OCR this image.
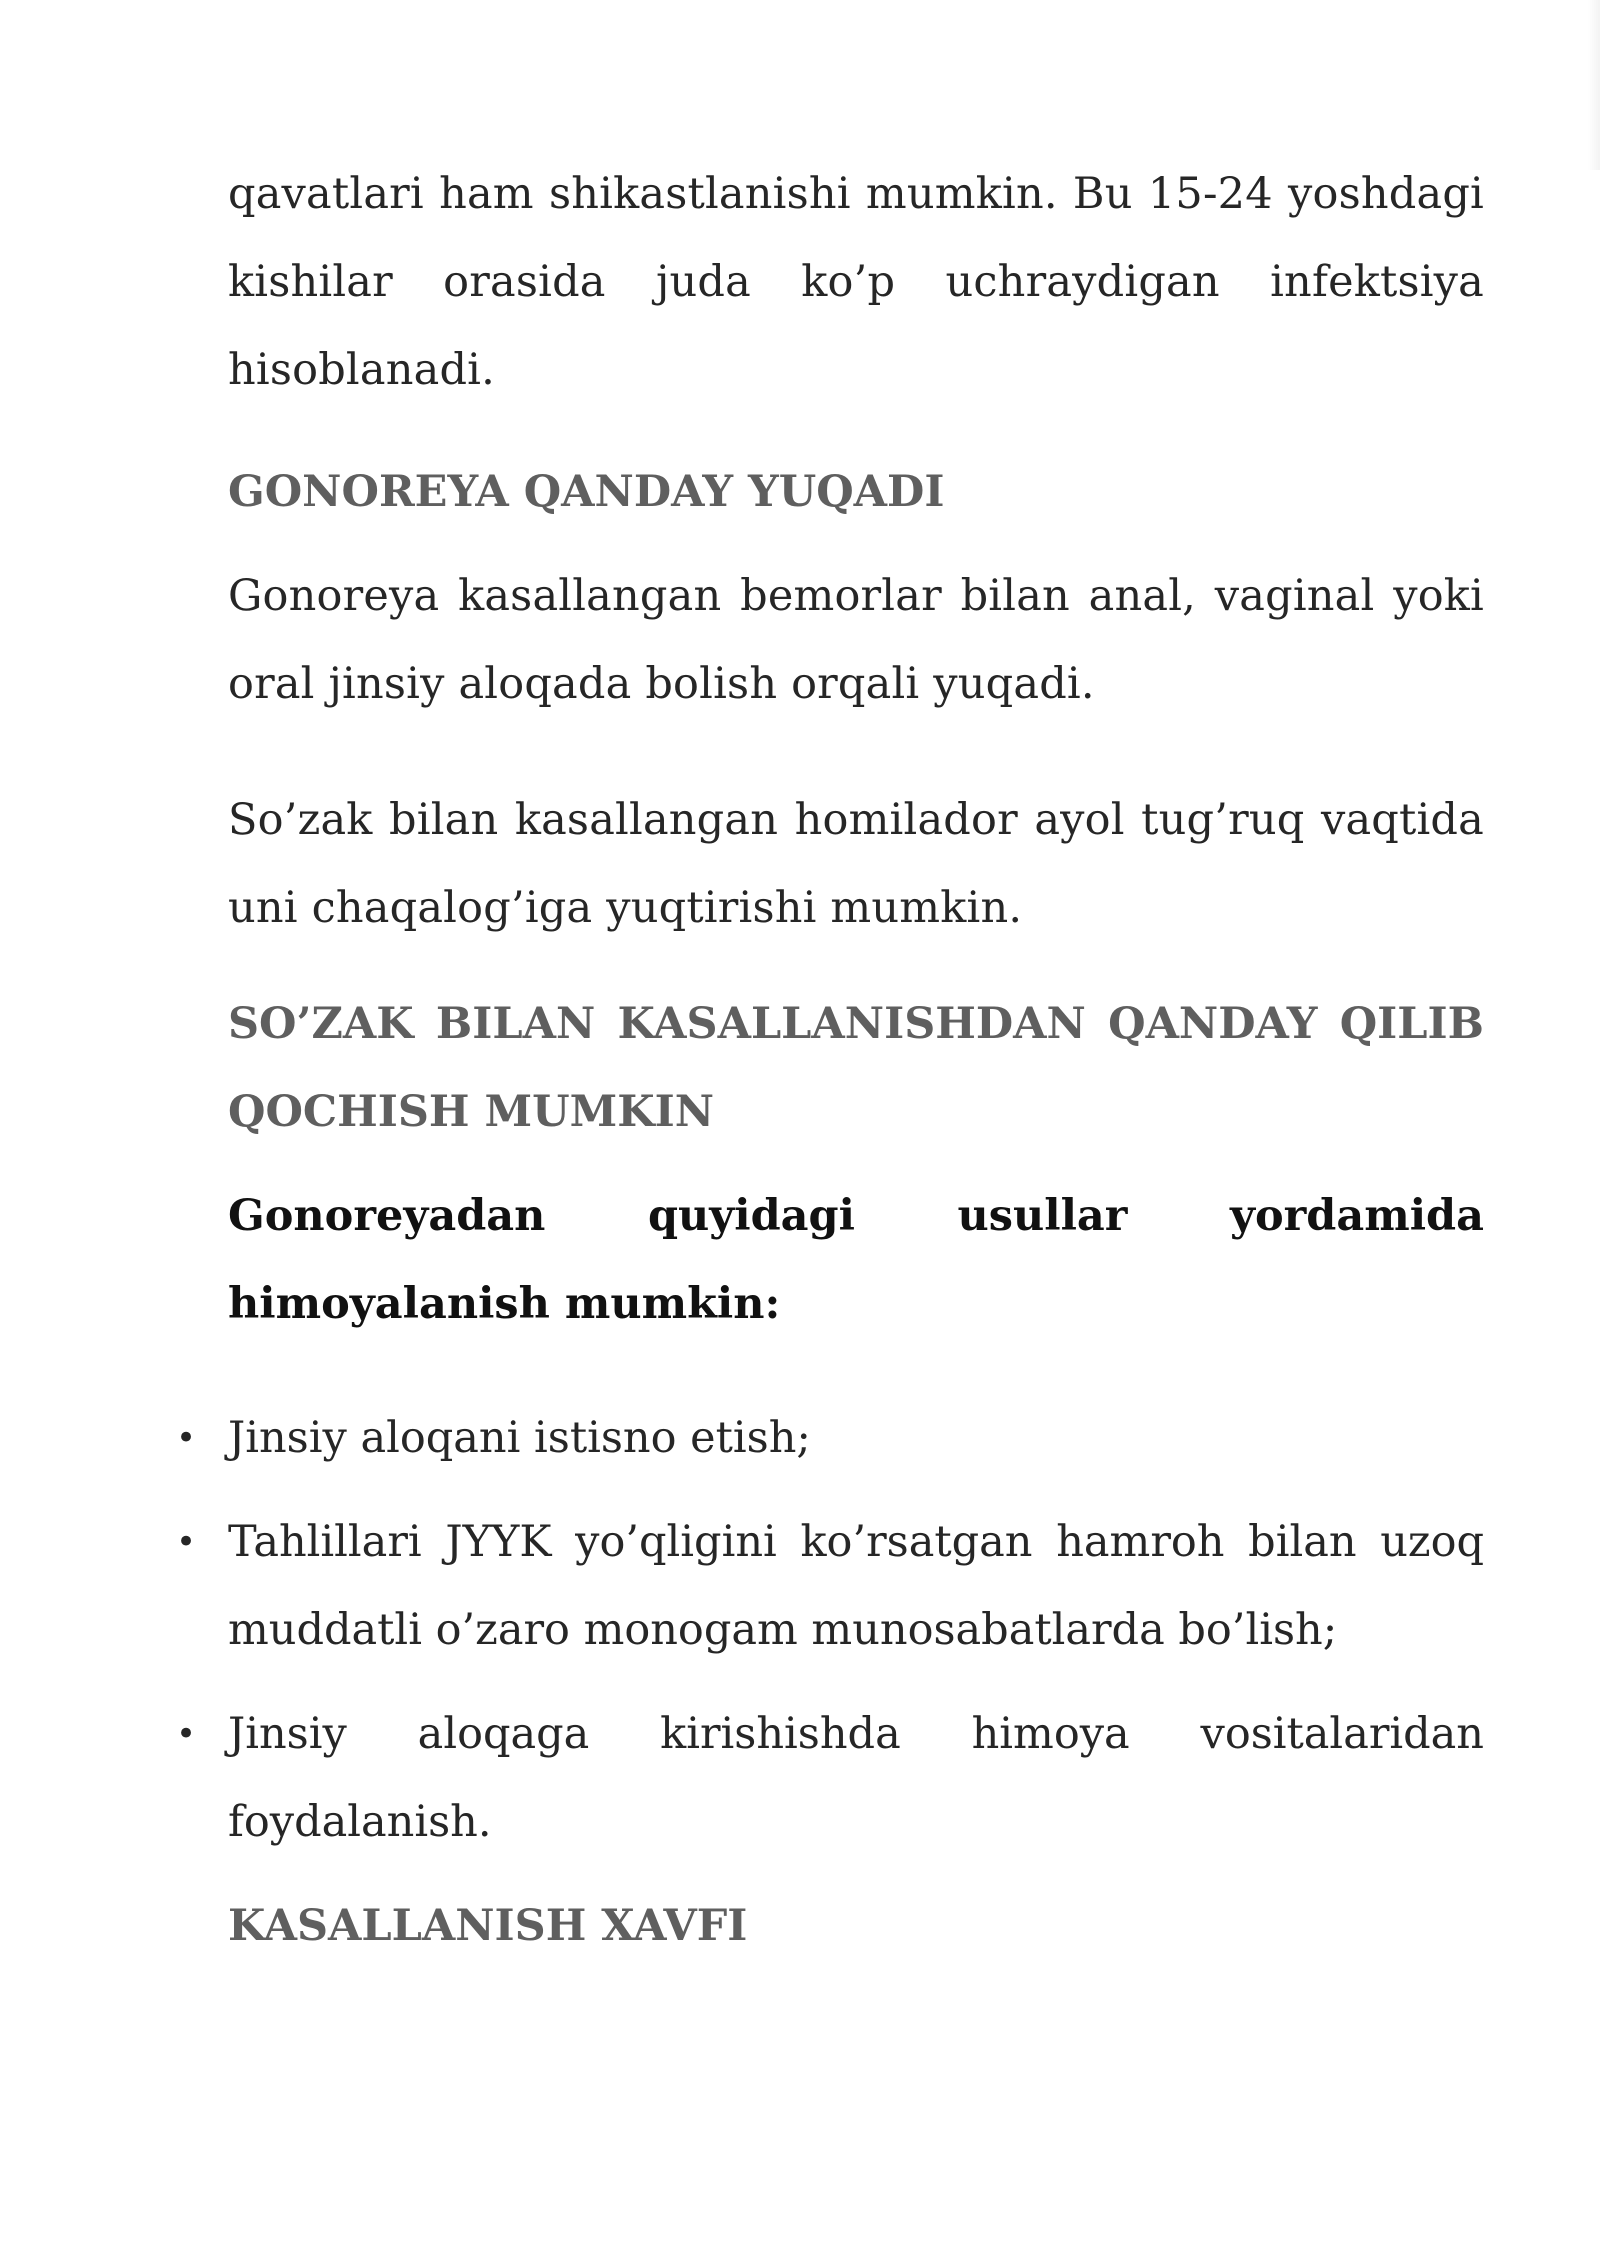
qavatlari ham shikastlanishi mumkin. Bu 15-24 yoshdagi kishilar orasida juda ko’p uchraydigan infektsiya hisoblanadi.

GONOREYA QANDAY YUQADI

Gonoreya kasallangan bemorlar bilan anal, vaginal yoki oral jinsiy aloqada bolish orqali yuqadi.

So’zak bilan kasallangan homilador ayol tug’ruq vaqtida uni chaqalog’iga yuqtirishi mumkin.

SO’ZAK BILAN KASALLANISHDAN QANDAY QILIB QOCHISH MUMKIN

Gonoreyadan quyidagi usullar yordamida himoyalanish mumkin:

• Jinsiy aloqani istisno etish;
• Tahlillari JYYK yo’qligini ko’rsatgan hamroh bilan uzoq muddatli o’zaro monogam munosabatlarda bo’lish;
• Jinsiy aloqaga kirishishda himoya vositalaridan foydalanish.
KASALLANISH XAVFI
